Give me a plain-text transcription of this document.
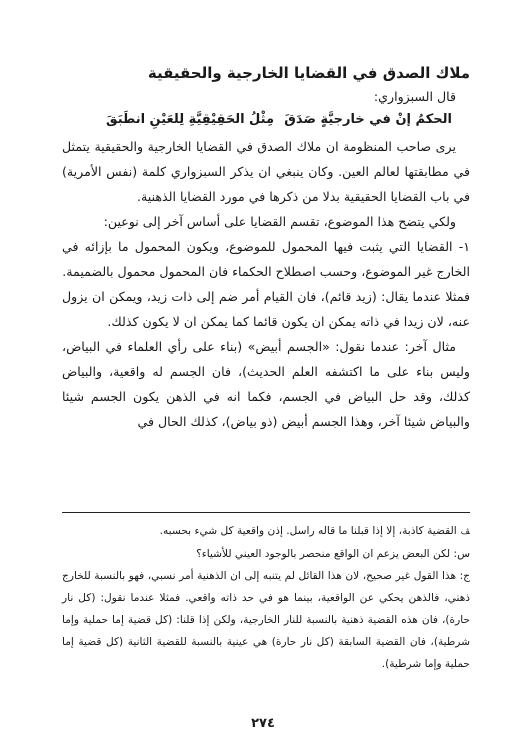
ملاك الصدق في القضايا الخارجية والحقيقية

قال السبزواري:

الحكمُ إنْ في خارجيَّةٍ صَدَقَ
مِثْلُ الحَقِيْقِيَّةِ لِلعَيْنِ انطَبَقَ

يرى صاحب المنظومة ان ملاك الصدق في القضايا الخارجية والحقيقية يتمثل في مطابقتها لعالم العين. وكان ينبغي ان يذكر السبزواري كلمة (نفس الأمرية) في باب القضايا الحقيقية بدلا من ذكرها في مورد القضايا الذهنية.

ولكي يتضح هذا الموضوع، تقسم القضايا على أساس آخر إلى نوعين:

١- القضايا التي يثبت فيها المحمول للموضوع، ويكون المحمول ما بإزائه في الخارج غير الموضوع، وحسب اصطلاح الحكماء فان المحمول محمول بالضميمة.

فمثلا عندما يقال: (زيد قائم)، فان القيام أمر ضم إلى ذات زيد، ويمكن ان يزول عنه، لان زيدا في ذاته يمكن ان يكون قائما كما يمكن ان لا يكون كذلك.

مثال آخر: عندما نقول: «الجسم أبيض» (بناء على رأي العلماء في البياض، وليس بناء على ما اكتشفه العلم الحديث)، فان الجسم له واقعية، والبياض كذلك، وقد حل البياض في الجسم، فكما انه في الذهن يكون الجسم شيئا والبياض شيئا آخر، وهذا الجسم أبيض (ذو بياض)، كذلك الحال في

ﭫالقضية كاذبة، إلا إذا قبلنا ما قاله راسل. إذن واقعية كل شيء بحسبه.

س: لكن البعض يزعم ان الواقع منحصر بالوجود العيني للأشياء؟

ج: هذا القول غير صحيح، لان هذا القائل لم يتنبه إلى ان الذهنية أمر نسبي، فهو بالنسبة للخارج ذهني، فالذهن يحكي عن الواقعية، بينما هو في حد ذاته واقعي. فمثلا عندما نقول: (كل نار حارة)، فان هذه القضية ذهنية بالنسبة للنار الخارجية، ولكن إذا قلنا: (كل قضية إما حملية وإما شرطية)، فان القضية السابقة (كل نار حارة) هي عينية بالنسبة للقضية الثانية (كل قضية إما حملية وإما شرطية).

٢٧٤
